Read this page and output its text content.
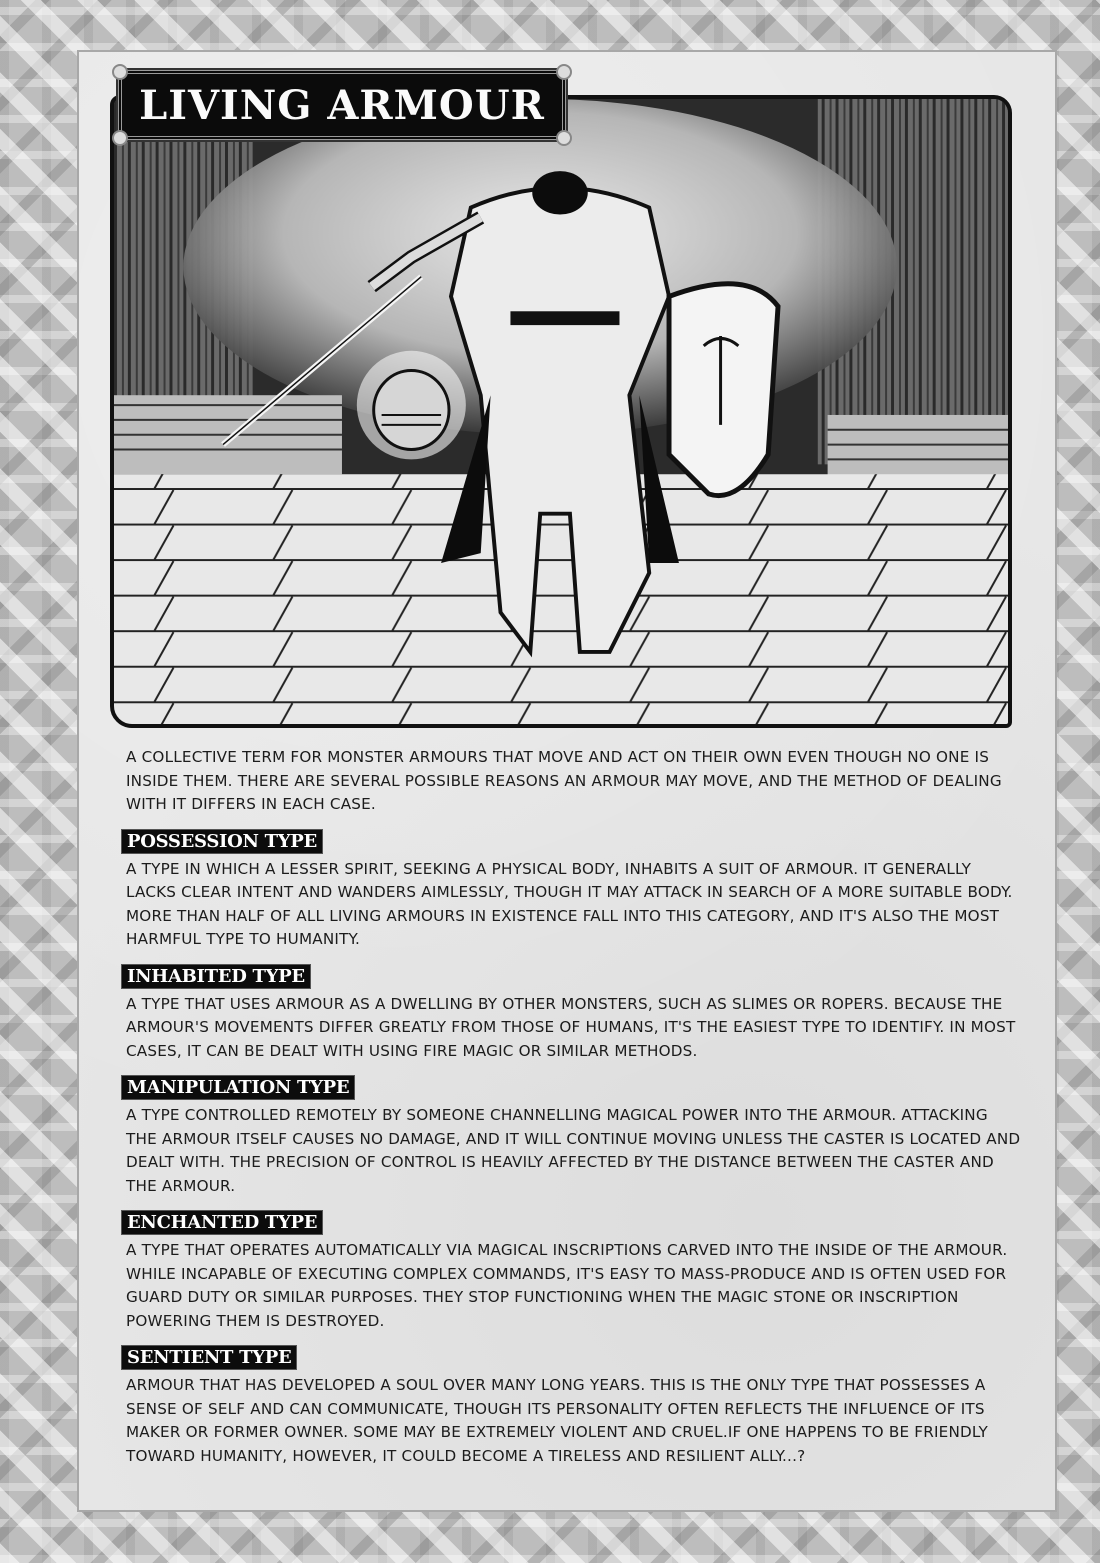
LIVING ARMOUR

A COLLECTIVE TERM FOR MONSTER ARMOURS THAT MOVE AND ACT ON THEIR OWN EVEN THOUGH NO ONE IS INSIDE THEM. THERE ARE SEVERAL POSSIBLE REASONS AN ARMOUR MAY MOVE, AND THE METHOD OF DEALING WITH IT DIFFERS IN EACH CASE.

POSSESSION TYPE

A TYPE IN WHICH A LESSER SPIRIT, SEEKING A PHYSICAL BODY, INHABITS A SUIT OF ARMOUR. IT GENERALLY LACKS CLEAR INTENT AND WANDERS AIMLESSLY, THOUGH IT MAY ATTACK IN SEARCH OF A MORE SUITABLE BODY. MORE THAN HALF OF ALL LIVING ARMOURS IN EXISTENCE FALL INTO THIS CATEGORY, AND IT'S ALSO THE MOST HARMFUL TYPE TO HUMANITY.

INHABITED TYPE

A TYPE THAT USES ARMOUR AS A DWELLING BY OTHER MONSTERS, SUCH AS SLIMES OR ROPERS. BECAUSE THE ARMOUR'S MOVEMENTS DIFFER GREATLY FROM THOSE OF HUMANS, IT'S THE EASIEST TYPE TO IDENTIFY. IN MOST CASES, IT CAN BE DEALT WITH USING FIRE MAGIC OR SIMILAR METHODS.

MANIPULATION TYPE

A TYPE CONTROLLED REMOTELY BY SOMEONE CHANNELLING MAGICAL POWER INTO THE ARMOUR. ATTACKING THE ARMOUR ITSELF CAUSES NO DAMAGE, AND IT WILL CONTINUE MOVING UNLESS THE CASTER IS LOCATED AND DEALT WITH. THE PRECISION OF CONTROL IS HEAVILY AFFECTED BY THE DISTANCE BETWEEN THE CASTER AND THE ARMOUR.

ENCHANTED TYPE

A TYPE THAT OPERATES AUTOMATICALLY VIA MAGICAL INSCRIPTIONS CARVED INTO THE INSIDE OF THE ARMOUR. WHILE INCAPABLE OF EXECUTING COMPLEX COMMANDS, IT'S EASY TO MASS-PRODUCE AND IS OFTEN USED FOR GUARD DUTY OR SIMILAR PURPOSES. THEY STOP FUNCTIONING WHEN THE MAGIC STONE OR INSCRIPTION POWERING THEM IS DESTROYED.

SENTIENT TYPE

ARMOUR THAT HAS DEVELOPED A SOUL OVER MANY LONG YEARS. THIS IS THE ONLY TYPE THAT POSSESSES A SENSE OF SELF AND CAN COMMUNICATE, THOUGH ITS PERSONALITY OFTEN REFLECTS THE INFLUENCE OF ITS MAKER OR FORMER OWNER. SOME MAY BE EXTREMELY VIOLENT AND CRUEL.IF ONE HAPPENS TO BE FRIENDLY TOWARD HUMANITY, HOWEVER, IT COULD BECOME A TIRELESS AND RESILIENT ALLY...?
